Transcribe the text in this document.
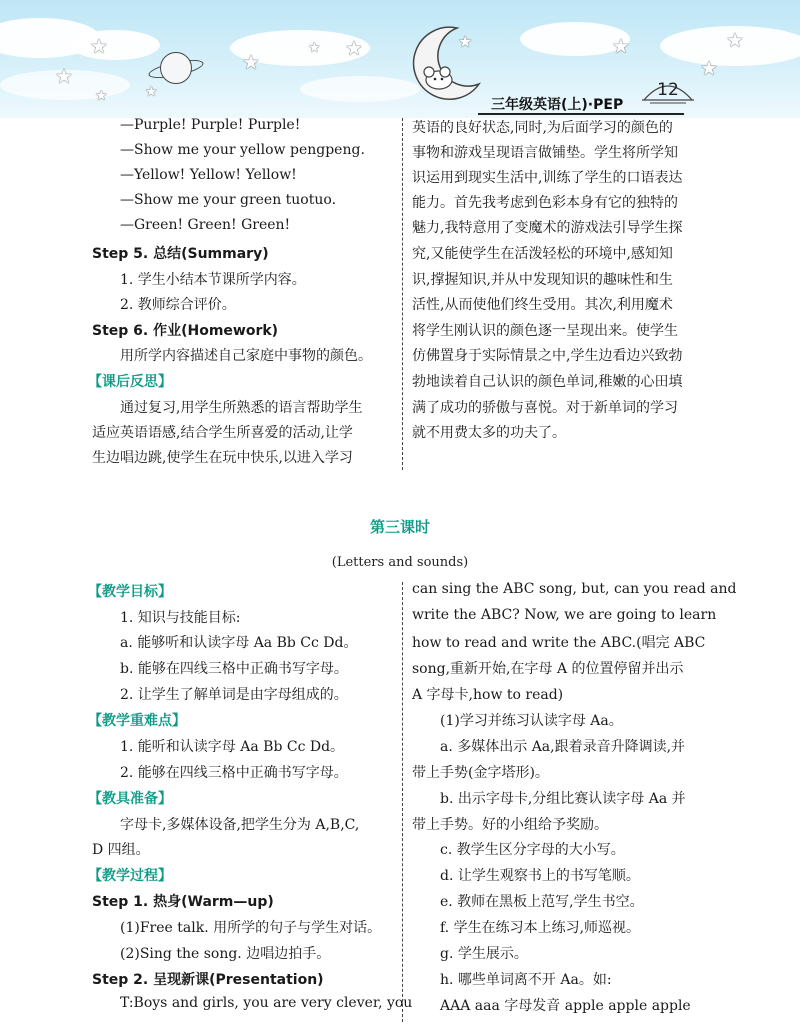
★
★
★	★
★
★ ★	★	★
★
★
三年级英语(上)·PEP
12
—Purple! Purple! Purple!
—Show me your yellow pengpeng.
—Yellow! Yellow! Yellow!
—Show me your green tuotuo.
—Green! Green! Green!
Step 5. 总结(Summary)
1. 学生小结本节课所学内容。
2. 教师综合评价。
Step 6. 作业(Homework)
用所学内容描述自己家庭中事物的颜色。
【课后反思】
通过复习,用学生所熟悉的语言帮助学生
适应英语语感,结合学生所喜爱的活动,让学
生边唱边跳,使学生在玩中快乐,以进入学习
英语的良好状态,同时,为后面学习的颜色的
事物和游戏呈现语言做铺垫。学生将所学知
识运用到现实生活中,训练了学生的口语表达
能力。首先我考虑到色彩本身有它的独特的
魅力,我特意用了变魔术的游戏法引导学生探
究,又能使学生在活泼轻松的环境中,感知知
识,撑握知识,并从中发现知识的趣味性和生
活性,从而使他们终生受用。其次,利用魔术
将学生刚认识的颜色逐一呈现出来。使学生
仿佛置身于实际情景之中,学生边看边兴致勃
勃地读着自己认识的颜色单词,稚嫩的心田填
满了成功的骄傲与喜悦。对于新单词的学习
就不用费太多的功夫了。
第三课时
(Letters and sounds)
【教学目标】
1. 知识与技能目标:
a. 能够听和认读字母 Aa Bb Cc Dd。
b. 能够在四线三格中正确书写字母。
2. 让学生了解单词是由字母组成的。
【教学重难点】
1. 能听和认读字母 Aa Bb Cc Dd。
2. 能够在四线三格中正确书写字母。
【教具准备】
字母卡,多媒体设备,把学生分为 A,B,C,
D 四组。
【教学过程】
Step 1. 热身(Warm—up)
(1)Free talk. 用所学的句子与学生对话。
(2)Sing the song. 边唱边拍手。
Step 2. 呈现新课(Presentation)
T:Boys and girls, you are very clever, you
can sing the ABC song, but, can you read and
write the ABC? Now, we are going to learn
how to read and write the ABC.(唱完 ABC
song,重新开始,在字母 A 的位置停留并出示
A 字母卡,how to read)
(1)学习并练习认读字母 Aa。
a. 多媒体出示 Aa,跟着录音升降调读,并
带上手势(金字塔形)。
b. 出示字母卡,分组比赛认读字母 Aa 并
带上手势。好的小组给予奖励。
c. 教学生区分字母的大小写。
d. 让学生观察书上的书写笔顺。
e. 教师在黑板上范写,学生书空。
f. 学生在练习本上练习,师巡视。
g. 学生展示。
h. 哪些单词离不开 Aa。如:
AAA aaa 字母发音 apple apple apple
